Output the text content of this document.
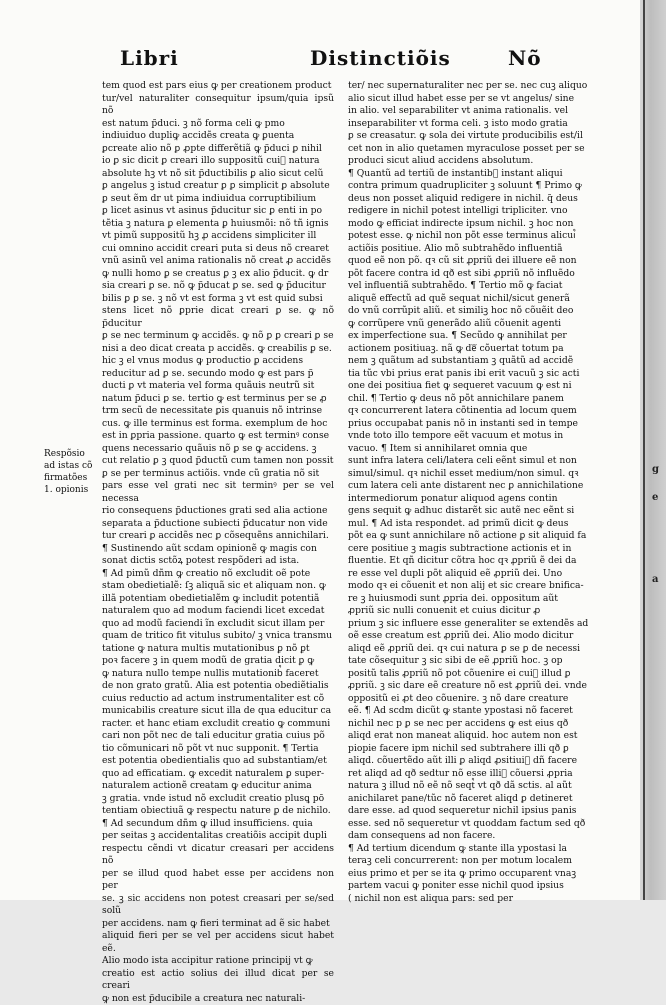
g
e
a
Libri	Distinctiõis	Nõ
Respõsio
ad istas cõ
firmatões
1. opionis
tem quod est pars eius ꝙ per creationem product
tur/vel naturaliter consequitur ipsum/quia ipsũ nõ
est natum p̃duci. ꝫ nõ forma celi ꝙ pmo
indiuiduo dupliꝙ accidẽs creata ꝙ ꝑuenta
ꝑcreate alio nõ ꝑ ꝓpte differẽtiã ꝙ p̃duci ꝑ nihil
io ꝑ sic dicit ꝑ creari illo suppositũ cui᷒ natura
absolute hꝫ vt nõ sit p̃ductibilis ꝑ alio sicut celũ
ꝑ angelus ꝫ istud creatur ꝑ ꝑ simplicit ꝑ absolute
ꝑ seut ẽm dr ut pima indiuidua corruptibilium
ꝑ licet asinus vt asinus p̃ducitur sic ꝑ enti in po
tẽtia ꝫ natura ꝑ elementa ꝑ huiusmõi: nõ tñ ignis
vt pimũ suppositũ hꝫ ꝓ accidens simpliciter ill
cui omnino accidit creari puta si deus nõ crearet
vnũ asinũ vel anima rationalis nõ creat ꝓ accidẽs
ꝙ nulli homo ꝑ se creatus ꝑ ꝫ ex alio p̃ducit. ꝙ dr
sia creari ꝑ se. nõ ꝙ p̃ducat ꝑ se. sed ꝙ p̃ducitur
bilis ꝑ ꝑ se. ꝫ nõ vt est forma ꝫ vt est quid subsi
stens licet nõ ꝑprie dicat creari ꝑ se. ꝙ nõ p̃ducitur
ꝑ se nec terminum ꝙ accidẽs. ꝙ nõ ꝑ ꝑ creari ꝑ se
nisi a deo dicat creata p accidẽs. ꝙ creabilis ꝑ se.
hic ꝫ el vnus modus ꝙ productio ꝑ accidens
reducitur ad ꝑ se. secundo modo ꝙ est pars p̃
ducti ꝑ vt materia vel forma quãuis neutrũ sit
natum p̃duci ꝑ se. tertio ꝙ est terminus per se ꝓ
trm secũ de necessitate ꝑis quanuis nõ intrinse
cus. ꝙ ille terminus est forma. exemplum de hoc
est in ꝑpria passione. quarto ꝙ est terminꝰ conse
quens necessario quãuis nõ ꝑ se ꝙ accidens. ꝫ
cut relatio ꝑ ꝫ quod p̃ductũ cum tamen non possit
ꝑ se per terminus actiõis. vnde cũ gratia nõ sit
pars esse vel grati nec sit terminꝰ per se vel necessa
rio consequens p̃ductiones grati sed alia actione
separata a p̃ductione subiecti p̃ducatur non vide
tur creari ꝑ accidẽs nec ꝑ cõsequẽns annichilari.
¶ Sustinendo aũt scdam opinionẽ ꝙ magis con
sonat dictis sctõꝝ potest respõderi ad ista.
¶ Ad pimũ dñm ꝙ creatio nõ excludit oẽ pote
stam obedietialẽ: ſꝫ aliquã sic et aliquam non. ꝙ
illã potentiam obedietialẽm ꝙ includit potentiã
naturalem quo ad modum faciendi licet excedat
quo ad modũ faciendi ĩn excludit sicut illam per
quam de tritico fit vitulus subito/ ꝫ vnica transmu
tatione ꝙ natura multis mutationibus ꝑ nõ ꝑt
poꝛ facere ꝫ in quem modũ de gratia dicit ꝑ ꝙ
ꝙ natura nullo tempe nullis mutationib᷒ faceret
de non grato gratũ. Alia est potentia obediẽtialis
cuius reductio ad actum instrumentaliter est cõ
municabilis creature sicut illa de qua educitur ca
racter. et hanc etiam excludit creatio ꝙ communi
cari non põt nec de tali educitur gratia cuius põ
tio cõmunicari nõ põt vt nuc supponit. ¶ Tertia
est potentia obedientialis quo ad substantiam/et
quo ad efficatiam. ꝙ excedit naturalem ꝑ super-
naturalem actionẽ creatam ꝙ educitur anima
ꝫ gratia. vnde istud nõ excludit creatio plusꝗ pō
tentiam obiectiuã ꝙ respectu nature ꝑ de nichilo.
¶ Ad secundum dñm ꝙ illud insufficiens. quia
per seitas ꝫ accidentalitas creatiõis accipit dupli
respectu cẽndi vt dicatur creasari per accidens nõ
per se illud quod habet esse per accidens non per
se. ꝫ sic accidens non potest creasari per se/sed solũ
per accidens. nam ꝙ fieri terminat ad ẽ sic habet
aliquid fieri per se vel per accidens sicut habet eẽ.
Alio modo ista accipitur ratione principij vt ꝙ
creatio est actio solius dei illud dicat per se creari
ꝙ non est p̃ducibile a creatura nec naturali-
ter/ nec supernaturaliter nec per se. nec cuꝫ aliquo
alio sicut illud habet esse per se vt angelus/ sine
in alio. vel separabiliter vt anima rationalis. vel
inseparabiliter vt forma celi. ꝫ isto modo gratia
ꝑ se creasatur. ꝙ sola dei virtute producibilis est/il
cet non in alio quetamen myraculose posset per se
produci sicut aliud accidens absolutum.
¶ Quantũ ad tertiũ de instantib᷒ instant aliqui
contra primum quadrupliciter ꝫ soluunt ¶ Primo ꝙ
deus non posset aliquid redigere in nichil. q̃ deus
redigere in nichil potest intelligi tripliciter. vno
modo ꝙ efficiat indirecte ipsum nichil. ꝫ hoc non
potest esse. ꝙ nichil non põt esse terminus alicui᷒
actiõis positiue. Alio mõ subtrahẽdo influentiã
quod eẽ non põ. qꝛ cũ sit ꝓpriũ dei illuere eẽ non
põt facere contra id qð est sibi ꝓpriũ nõ influẽdo
vel influentiã subtrahẽdo. ¶ Tertio mõ ꝙ faciat
aliquẽ effectũ ad quẽ sequat nichil/sicut generã
do vnũ corrũpit aliũ. et similiꝫ hoc nõ cõuẽit deo
ꝙ corrũpere vnũ generãdo aliũ cõuenit agenti
ex imperfectione sua. ¶ Secũdo ꝙ annihilat per
actionem positiuaꝫ. nã ꝙ deᷓ cõuertat totum pa
nem ꝫ quãtum ad substantiam ꝫ quãtũ ad accidẽ
tia tũc vbi prius erat panis ibi erit vacuũ ꝫ sic acti
one dei positiua fiet ꝙ sequeret vacuum ꝙ est ni
chil. ¶ Tertio ꝙ deus nõ põt annichilare panem
qꝛ concurrerent latera cõtinentia ad locum quem
prius occupabat panis nõ in instanti sed in tempe
vnde toto illo tempore eẽt vacuum et motus in
vacuo. ¶ Item si annihilaret omnia que
sunt infra latera celi/latera celi eẽnt simul et non
simul/simul. qꝛ nichil esset medium/non simul. qꝛ
cum latera celi ante distarent nec ꝑ annichilatione
intermediorum ponatur aliquod agens contin
gens sequit ꝙ adhuc distarẽt sic autẽ nec eẽnt si
mul. ¶ Ad ista respondet. ad primũ dicit ꝙ deus
põt ea ꝙ sunt annichilare nõ actione ꝑ sit aliquid fa
cere positiue ꝫ magis subtractione actionis et in
fluentie. Et qñ dicitur cõtra hoc qꝛ ꝓpriũ ẽ dei da
re esse vel dupli põt aliquid eẽ ꝓpriũ dei. Uno
modo qꝛ ei cõuenit et non alij et sic creare bnifica-
re ꝫ huiusmodi sunt ꝓpria dei. oppositum aũt
ꝓpriũ sic nulli conuenit et cuius dicitur ꝓ
prium ꝫ sic influere esse generaliter se extendẽs ad
oẽ esse creatum est ꝓpriũ dei. Alio modo dicitur
aliqd eẽ ꝓpriũ dei. qꝛ cui natura ꝑ se ꝑ de necessi
tate cõsequitur ꝫ sic sibi de eẽ ꝓpriũ hoc. ꝫ op
positũ talis ꝓpriũ nõ pot cõuenire ei cui᷒ illud ꝑ
ꝓpriũ. ꝫ sic dare eẽ creature nõ est ꝓpriũ dei. vnde
oppositũ ei ꝓt deo cõuenire. ꝫ nõ dare creature
eẽ. ¶ Ad scdm dicũt ꝙ stante ypostasi nõ faceret
nichil nec p ꝑ se nec per accidens ꝙ est eius qð
aliqd erat non maneat aliquid. hoc autem non est
piopie facere ipm nichil sed subtrahere illi qð ꝑ
aliqd. cõuertẽdo aũt illi ꝑ aliqd ꝓsitiui᷒ dñ facere
ret aliqd ad qð sedtur nõ esse illiᷓ cõuersi ꝓpria
natura ꝫ illud nõ eẽ nõ seqt᷒ vt qð dã sctis. al aũt
anichilaret pane/tũc nõ faceret aliqd ꝑ detineret
dare esse. ad quod sequeretur nichil ipsius panis
esse. sed nõ sequeretur vt quoddam factum sed qð
dam consequens ad non facere.
¶ Ad tertium dicendum ꝙ stante illa ypostasi la
teraꝫ celi concurrerent: non per motum localem
eius primo et per se ita ꝙ primo occuparent vnaꝫ
partem vacui ꝙ poniter esse nichil quod ipsius
( nichil non est aliqua pars: sed per
